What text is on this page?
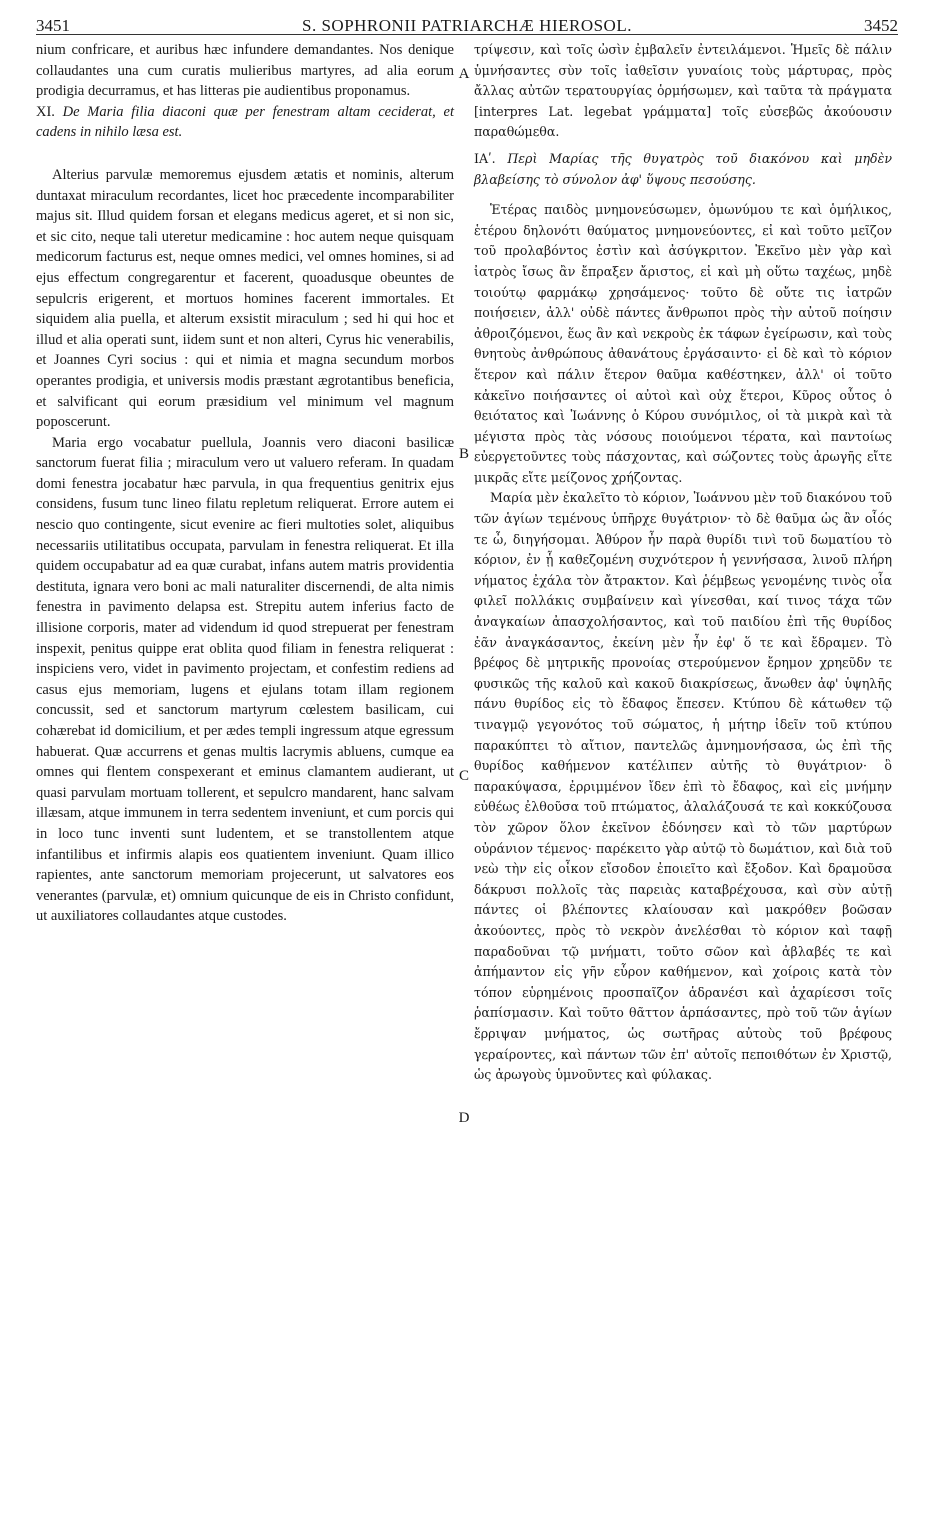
3451	S. SOPHRONII PATRIARCHÆ HIEROSOL.	3452
A
B
C
D

nium confricare, et auribus hæc infundere demandantes. Nos denique collaudantes una cum curatis mulieribus martyres, ad alia eorum prodigia decurramus, et has litteras pie audientibus proponamus.

XI. De Maria filia diaconi quæ per fenestram altam ceciderat, et cadens in nihilo læsa est.

Alterius parvulæ memoremus ejusdem ætatis et nominis, alterum duntaxat miraculum recordantes, licet hoc præcedente incomparabiliter majus sit. Illud quidem forsan et elegans medicus ageret, et si non sic, et sic cito, neque tali uteretur medicamine : hoc autem neque quisquam medicorum facturus est, neque omnes medici, vel omnes homines, si ad ejus effectum congregarentur et facerent, quoadusque obeuntes de sepulcris erigerent, et mortuos homines facerent immortales. Et siquidem alia puella, et alterum exsistit miraculum ; sed hi qui hoc et illud et alia operati sunt, iidem sunt et non alteri, Cyrus hic venerabilis, et Joannes Cyri socius : qui et nimia et magna secundum morbos operantes prodigia, et universis modis præstant ægrotantibus beneficia, et salvificant qui eorum præsidium vel minimum vel magnum poposcerunt.

Maria ergo vocabatur puellula, Joannis vero diaconi basilicæ sanctorum fuerat filia ; miraculum vero ut valuero referam. In quadam domi fenestra jocabatur hæc parvula, in qua frequentius genitrix ejus considens, fusum tunc lineo filatu repletum reliquerat. Errore autem ei nescio quo contingente, sicut evenire ac fieri multoties solet, aliquibus necessariis utilitatibus occupata, parvulam in fenestra reliquerat. Et illa quidem occupabatur ad ea quæ curabat, infans autem matris providentia destituta, ignara vero boni ac mali naturaliter discernendi, de alta nimis fenestra in pavimento delapsa est. Strepitu autem inferius facto de illisione corporis, mater ad videndum id quod strepuerat per fenestram inspexit, penitus quippe erat oblita quod filiam in fenestra reliquerat : inspiciens vero, videt in pavimento projectam, et confestim rediens ad casus ejus memoriam, lugens et ejulans totam illam regionem concussit, sed et sanctorum martyrum cœlestem basilicam, cui cohærebat id domicilium, et per ædes templi ingressum atque egressum habuerat. Quæ accurrens et genas multis lacrymis abluens, cumque ea omnes qui flentem conspexerant et eminus clamantem audierant, ut quasi parvulam mortuam tollerent, et sepulcro mandarent, hanc salvam illæsam, atque immunem in terra sedentem inveniunt, et cum porcis qui in loco tunc inventi sunt ludentem, et se transtollentem atque infantilibus et infirmis alapis eos quatientem inveniunt. Quam illico rapientes, ante sanctorum memoriam projecerunt, ut salvatores eos venerantes (parvulæ, et) omnium quicunque de eis in Christo confidunt, ut auxiliatores collaudantes atque custodes.

τρίψεσιν, καὶ τοῖς ὠσὶν ἐμβαλεῖν ἐντειλάμενοι. Ἡμεῖς δὲ πάλιν ὑμνήσαντες σὺν τοῖς ἰαθεῖσιν γυναίοις τοὺς μάρτυρας, πρὸς ἄλλας αὐτῶν τερατουργίας ὁρμήσωμεν, καὶ ταῦτα τὰ πράγματα [interpres Lat. legebat γράμματα] τοῖς εὐσεβῶς ἀκούουσιν παραθώμεθα.

ΙΑʹ. Περὶ Μαρίας τῆς θυγατρὸς τοῦ διακόνου καὶ μηδὲν βλαβείσης τὸ σύνολον ἀφ' ὕψους πεσούσης.

Ἑτέρας παιδὸς μνημονεύσωμεν, ὁμωνύμου τε καὶ ὁμήλικος, ἑτέρου δηλονότι θαύματος μνημονεύοντες, εἰ καὶ τοῦτο μεῖζον τοῦ προλαβόντος ἐστὶν καὶ ἀσύγκριτον. Ἐκεῖνο μὲν γὰρ καὶ ἰατρὸς ἴσως ἂν ἔπραξεν ἄριστος, εἰ καὶ μὴ οὕτω ταχέως, μηδὲ τοιούτῳ φαρμάκῳ χρησάμενος· τοῦτο δὲ οὔτε τις ἰατρῶν ποιήσειεν, ἀλλ' οὐδὲ πάντες ἄνθρωποι πρὸς τὴν αὐτοῦ ποίησιν ἀθροιζόμενοι, ἕως ἂν καὶ νεκροὺς ἐκ τάφων ἐγείρωσιν, καὶ τοὺς θνητοὺς ἀνθρώπους ἀθανάτους ἐργάσαιντο· εἰ δὲ καὶ τὸ κόριον ἕτερον καὶ πάλιν ἕτερον θαῦμα καθέστηκεν, ἀλλ' οἱ τοῦτο κἀκεῖνο ποιήσαντες οἱ αὐτοὶ καὶ οὐχ ἕτεροι, Κῦρος οὗτος ὁ θειότατος καὶ Ἰωάννης ὁ Κύρου συνόμιλος, οἱ τὰ μικρὰ καὶ τὰ μέγιστα πρὸς τὰς νόσους ποιούμενοι τέρατα, καὶ παντοίως εὐεργετοῦντες τοὺς πάσχοντας, καὶ σώζοντες τοὺς ἀρωγῆς εἴτε μικρᾶς εἴτε μείζονος χρήζοντας.

Μαρία μὲν ἐκαλεῖτο τὸ κόριον, Ἰωάννου μὲν τοῦ διακόνου τοῦ τῶν ἁγίων τεμένους ὑπῆρχε θυγάτριον· τὸ δὲ θαῦμα ὡς ἂν οἷός τε ὦ, διηγήσομαι. Ἀθύρον ἦν παρὰ θυρίδι τινὶ τοῦ δωματίου τὸ κόριον, ἐν ᾗ καθεζομένη συχνότερον ἡ γεννήσασα, λινοῦ πλήρη νήματος ἐχάλα τὸν ἄτρακτον. Καὶ ῥέμβεως γενομένης τινὸς οἷα φιλεῖ πολλάκις συμβαίνειν καὶ γίνεσθαι, καί τινος τάχα τῶν ἀναγκαίων ἀπασχολήσαντος, καὶ τοῦ παιδίου ἐπὶ τῆς θυρίδος ἐᾶν ἀναγκάσαντος, ἐκείνη μὲν ἦν ἐφ' ὅ τε καὶ ἔδραμεν. Τὸ βρέφος δὲ μητρικῆς προνοίας στερούμενον ἔρημον χρηεῦδν τε φυσικῶς τῆς καλοῦ καὶ κακοῦ διακρίσεως, ἄνωθεν ἀφ' ὑψηλῆς πάνυ θυρίδος εἰς τὸ ἔδαφος ἔπεσεν. Κτύπου δὲ κάτωθεν τῷ τιναγμῷ γεγονότος τοῦ σώματος, ἡ μήτηρ ἰδεῖν τοῦ κτύπου παρακύπτει τὸ αἴτιον, παντελῶς ἀμνημονήσασα, ὡς ἐπὶ τῆς θυρίδος καθήμενον κατέλιπεν αὐτῆς τὸ θυγάτριον· ὃ παρακύψασα, ἐρριμμένον ἴδεν ἐπὶ τὸ ἔδαφος, καὶ εἰς μνήμην εὐθέως ἐλθοῦσα τοῦ πτώματος, ἀλαλάζουσά τε καὶ κοκκύζουσα τὸν χῶρον ὅλον ἐκεῖνον ἐδόνησεν καὶ τὸ τῶν μαρτύρων οὐράνιον τέμενος· παρέκειτο γὰρ αὐτῷ τὸ δωμάτιον, καὶ διὰ τοῦ νεὼ τὴν εἰς οἶκον εἴσοδον ἐποιεῖτο καὶ ἔξοδον. Καὶ δραμοῦσα δάκρυσι πολλοῖς τὰς παρειὰς καταβρέχουσα, καὶ σὺν αὐτῇ πάντες οἱ βλέποντες κλαίουσαν καὶ μακρόθεν βοῶσαν ἀκούοντες, πρὸς τὸ νεκρὸν ἀνελέσθαι τὸ κόριον καὶ ταφῇ παραδοῦναι τῷ μνήματι, τοῦτο σῶον καὶ ἀβλαβές τε καὶ ἀπήμαντον εἰς γῆν εὗρον καθήμενον, καὶ χοίροις κατὰ τὸν τόπον εὑρημένοις προσπαῖζον ἁδρανέσι καὶ ἀχαρίεσσι τοῖς ῥαπίσμασιν. Καὶ τοῦτο θᾶττον ἁρπάσαντες, πρὸ τοῦ τῶν ἁγίων ἔρριψαν μνήματος, ὡς σωτῆρας αὐτοὺς τοῦ βρέφους γεραίροντες, καὶ πάντων τῶν ἐπ' αὐτοῖς πεποιθότων ἐν Χριστῷ, ὡς ἀρωγοὺς ὑμνοῦντες καὶ φύλακας.
